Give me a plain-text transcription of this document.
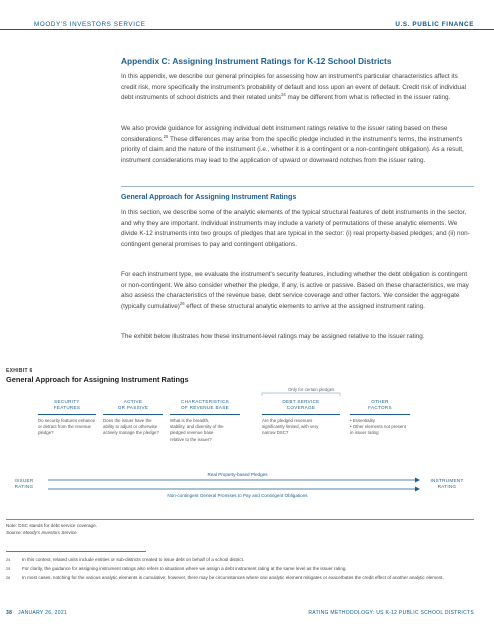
MOODY'S INVESTORS SERVICE	U.S. PUBLIC FINANCE
Appendix C: Assigning Instrument Ratings for K-12 School Districts

In this appendix, we describe our general principles for assessing how an instrument's particular characteristics affect its credit risk, more specifically the instrument's probability of default and loss upon an event of default. Credit risk of individual debt instruments of school districts and their related units$^{24}$ may be different from what is reflected in the issuer rating.

We also provide guidance for assigning individual debt instrument ratings relative to the issuer rating based on these considerations.$^{25}$ These differences may arise from the specific pledge included in the instrument's terms, the instrument's priority of claim and the nature of the instrument (i.e., whether it is a contingent or a non-contingent obligation). As a result, instrument considerations may lead to the application of upward or downward notches from the issuer rating.

General Approach for Assigning Instrument Ratings

In this section, we describe some of the analytic elements of the typical structural features of debt instruments in the sector, and why they are important. Individual instruments may include a variety of permutations of these analytic elements. We divide K-12 instruments into two groups of pledges that are typical in the sector: (i) real property-based pledges; and (ii) non-contingent general promises to pay and contingent obligations.

For each instrument type, we evaluate the instrument's security features, including whether the debt obligation is contingent or non-contingent. We also consider whether the pledge, if any, is active or passive. Based on these characteristics, we may also assess the characteristics of the revenue base, debt service coverage and other factors. We consider the aggregate (typically cumulative)$^{26}$ effect of these structural analytic elements to arrive at the assigned instrument rating.

The exhibit below illustrates how these instrument-level ratings may be assigned relative to the issuer rating.

EXHIBIT 6
General Approach for Assigning Instrument Ratings
Only for certain pledges
SECURITY
FEATURES
Do security features enhance or detract from the revenue pledge?
ACTIVE
OR PASSIVE
Does the issuer have the ability to adjust or otherwise actively manage the pledge?
CHARACTERISTICS
OF REVENUE BASE
What is the breadth, stability, and diversity of the pledged revenue base relative to the issuer?
DEBT SERVICE
COVERAGE
Are the pledged revenues significantly limited, with very narrow DSC?
OTHER
FACTORS
• Essentiality
• Other elements not present in issuer rating
ISSUER
RATING
INSTRUMENT
RATING
Real Property-based Pledges
Non-contingent General Promises to Pay and Contingent Obligations
Note: DSC stands for debt service coverage.
Source: Moody's Investors Service
24	In this context, related units include entities or sub-districts created to issue debt on behalf of a school district.
25	For clarity, the guidance for assigning instrument ratings also refers to situations where we assign a debt instrument rating at the same level as the issuer rating.
26	In most cases, notching for the various analytic elements is cumulative; however, there may be circumstances where one analytic element mitigates or exacerbates the credit effect of another analytic element.
38 JANUARY 26, 2021	RATING METHODOLOGY: US K-12 PUBLIC SCHOOL DISTRICTS
